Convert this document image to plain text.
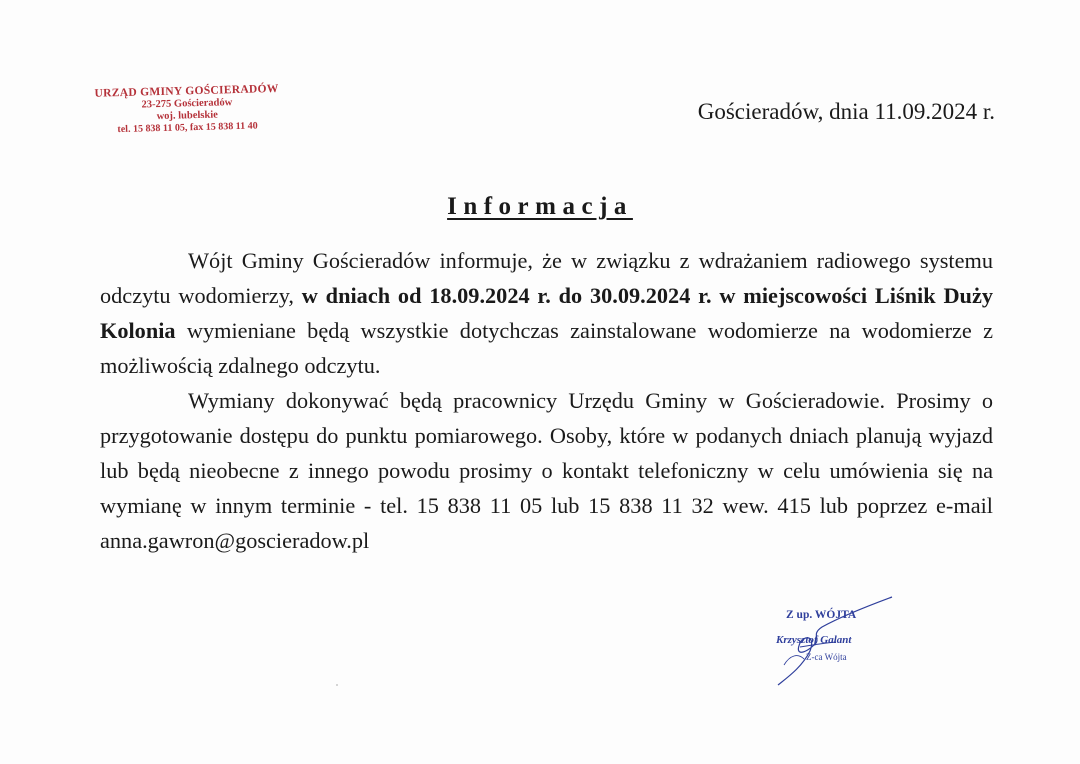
URZĄD GMINY GOŚCIERADÓW
23-275 Gościeradów
woj. lubelskie
tel. 15 838 11 05, fax 15 838 11 40
Gościeradów, dnia 11.09.2024 r.
Informacja

Wójt Gminy Gościeradów informuje, że w związku z wdrażaniem radiowego systemu odczytu wodomierzy, w dniach od 18.09.2024 r. do 30.09.2024 r. w miejscowości Liśnik Duży Kolonia wymieniane będą wszystkie dotychczas zainstalowane wodomierze na wodomierze z możliwością zdalnego odczytu.

Wymiany dokonywać będą pracownicy Urzędu Gminy w Gościeradowie. Prosimy o przygotowanie dostępu do punktu pomiarowego. Osoby, które w podanych dniach planują wyjazd lub będą nieobecne z innego powodu prosimy o kontakt telefoniczny w celu umówienia się na wymianę w innym terminie - tel. 15 838 11 05 lub 15 838 11 32 wew. 415 lub poprzez e-mail anna.gawron@goscieradow.pl

Z up. WÓJTA
Krzysztof Galant
Z-ca Wójta
